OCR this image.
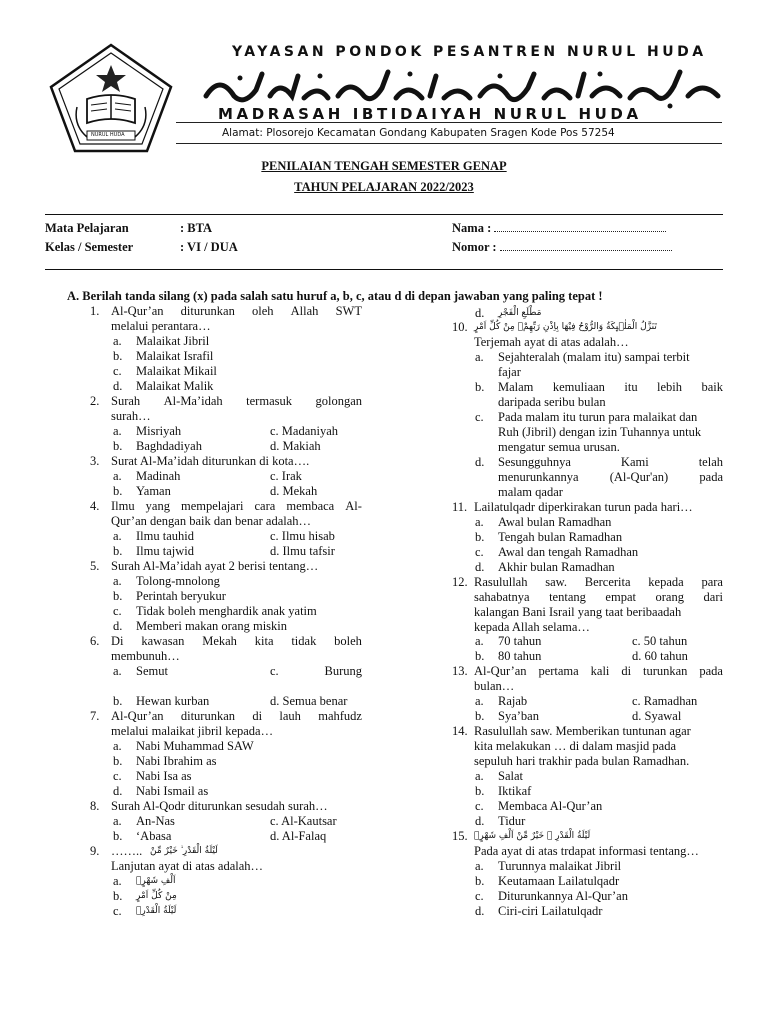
NURUL HUDA
YAYASAN PONDOK PESANTREN NURUL HUDA
MADRASAH IBTIDAIYAH NURUL HUDA
Alamat: Plosorejo Kecamatan Gondang Kabupaten Sragen Kode Pos 57254
PENILAIAN TENGAH SEMESTER GENAP
TAHUN PELAJARAN 2022/2023
Mata Pelajaran	: BTA
Kelas / Semester	: VI / DUA
Nama :
Nomor :
A. Berilah tanda silang (x) pada salah satu huruf a, b, c, atau d di depan jawaban yang paling tepat !
1. Al-Qur’an diturunkan oleh Allah SWT
melalui perantara…
a. Malaikat Jibril
b. Malaikat Israfil
c. Malaikat Mikail
d. Malaikat Malik
2. Surah Al-Ma’idah termasuk golongan
surah…
a. Misriyah	c. Madaniyah
b. Baghdadiyah	d. Makiah
3. Surat Al-Ma’idah diturunkan di kota….
a. Madinah	c. Irak
b. Yaman	d. Mekah
4. Ilmu yang mempelajari cara membaca Al-
Qur’an dengan baik dan benar adalah…
a. Ilmu tauhid	c. Ilmu hisab
b. Ilmu tajwid	d. Ilmu tafsir
5. Surah Al-Ma’idah ayat 2 berisi tentang…
a. Tolong-mnolong
b. Perintah beryukur
c. Tidak boleh menghardik anak yatim
d. Memberi makan orang miskin
6. Di kawasan Mekah kita tidak boleh
membunuh…
a. Semut	c.	Burung
b. Hewan kurban	d. Semua benar
7. Al-Qur’an diturunkan di lauh mahfudz
melalui malaikat jibril kepada…
a. Nabi Muhammad SAW
b. Nabi Ibrahim as
c. Nabi Isa as
d. Nabi Ismail as
8. Surah Al-Qodr diturunkan sesudah surah…
a. An-Nas	c. Al-Kautsar
b. ‘Abasa	d. Al-Falaq
9. …….. لَيْلَةُ الْقَدْرِ ۙ خَيْرٌ مِّنْ
Lanjutan ayat di atas adalah…
a. اَلْفِ شَهْرٍۗ
b. مِنْ كُلِّ اَمْرٍ
c. لَيْلَةُ الْقَدْرِۗ
d. مَطْلَعِ الْفَجْرِ
10. تَنَزَّلُ الْمَلٰۤىِٕكَةُ وَالرُّوْحُ فِيْهَا بِاِذْنِ رَبِّهِمْۚ مِنْ كُلِّ اَمْرٍ
Terjemah ayat di atas adalah…
a. Sejahteralah (malam itu) sampai terbit
fajar
b. Malam kemuliaan itu lebih baik
daripada seribu bulan
c. Pada malam itu turun para malaikat dan
Ruh (Jibril) dengan izin Tuhannya untuk
mengatur semua urusan.
d. Sesungguhnya	Kami	telah
menurunkannya (Al-Qur'an) pada
malam qadar
11. Lailatulqadr diperkirakan turun pada hari…
a. Awal bulan Ramadhan
b. Tengah bulan Ramadhan
c. Awal dan tengah Ramadhan
d. Akhir bulan Ramadhan
12. Rasulullah saw. Bercerita kepada para
sahabatnya tentang empat orang dari
kalangan Bani Israil yang taat beribaadah
kepada Allah selama…
a. 70 tahun	c. 50 tahun
b. 80 tahun	d. 60 tahun
13. Al-Qur’an pertama kali di turunkan pada
bulan…
a. Rajab	c. Ramadhan
b. Sya’ban	d. Syawal
14. Rasulullah saw. Memberikan tuntunan agar
kita melakukan … di dalam masjid pada
sepuluh hari trakhir pada bulan Ramadhan.
a. Salat
b. Iktikaf
c. Membaca Al-Qur’an
d. Tidur
15. لَيْلَةُ الْقَدْرِ ۙ خَيْرٌ مِّنْ اَلْفِ شَهْرٍۗ
Pada ayat di atas trdapat informasi tentang…
a. Turunnya malaikat Jibril
b. Keutamaan Lailatulqadr
c. Diturunkannya Al-Qur’an
d. Ciri-ciri Lailatulqadr
